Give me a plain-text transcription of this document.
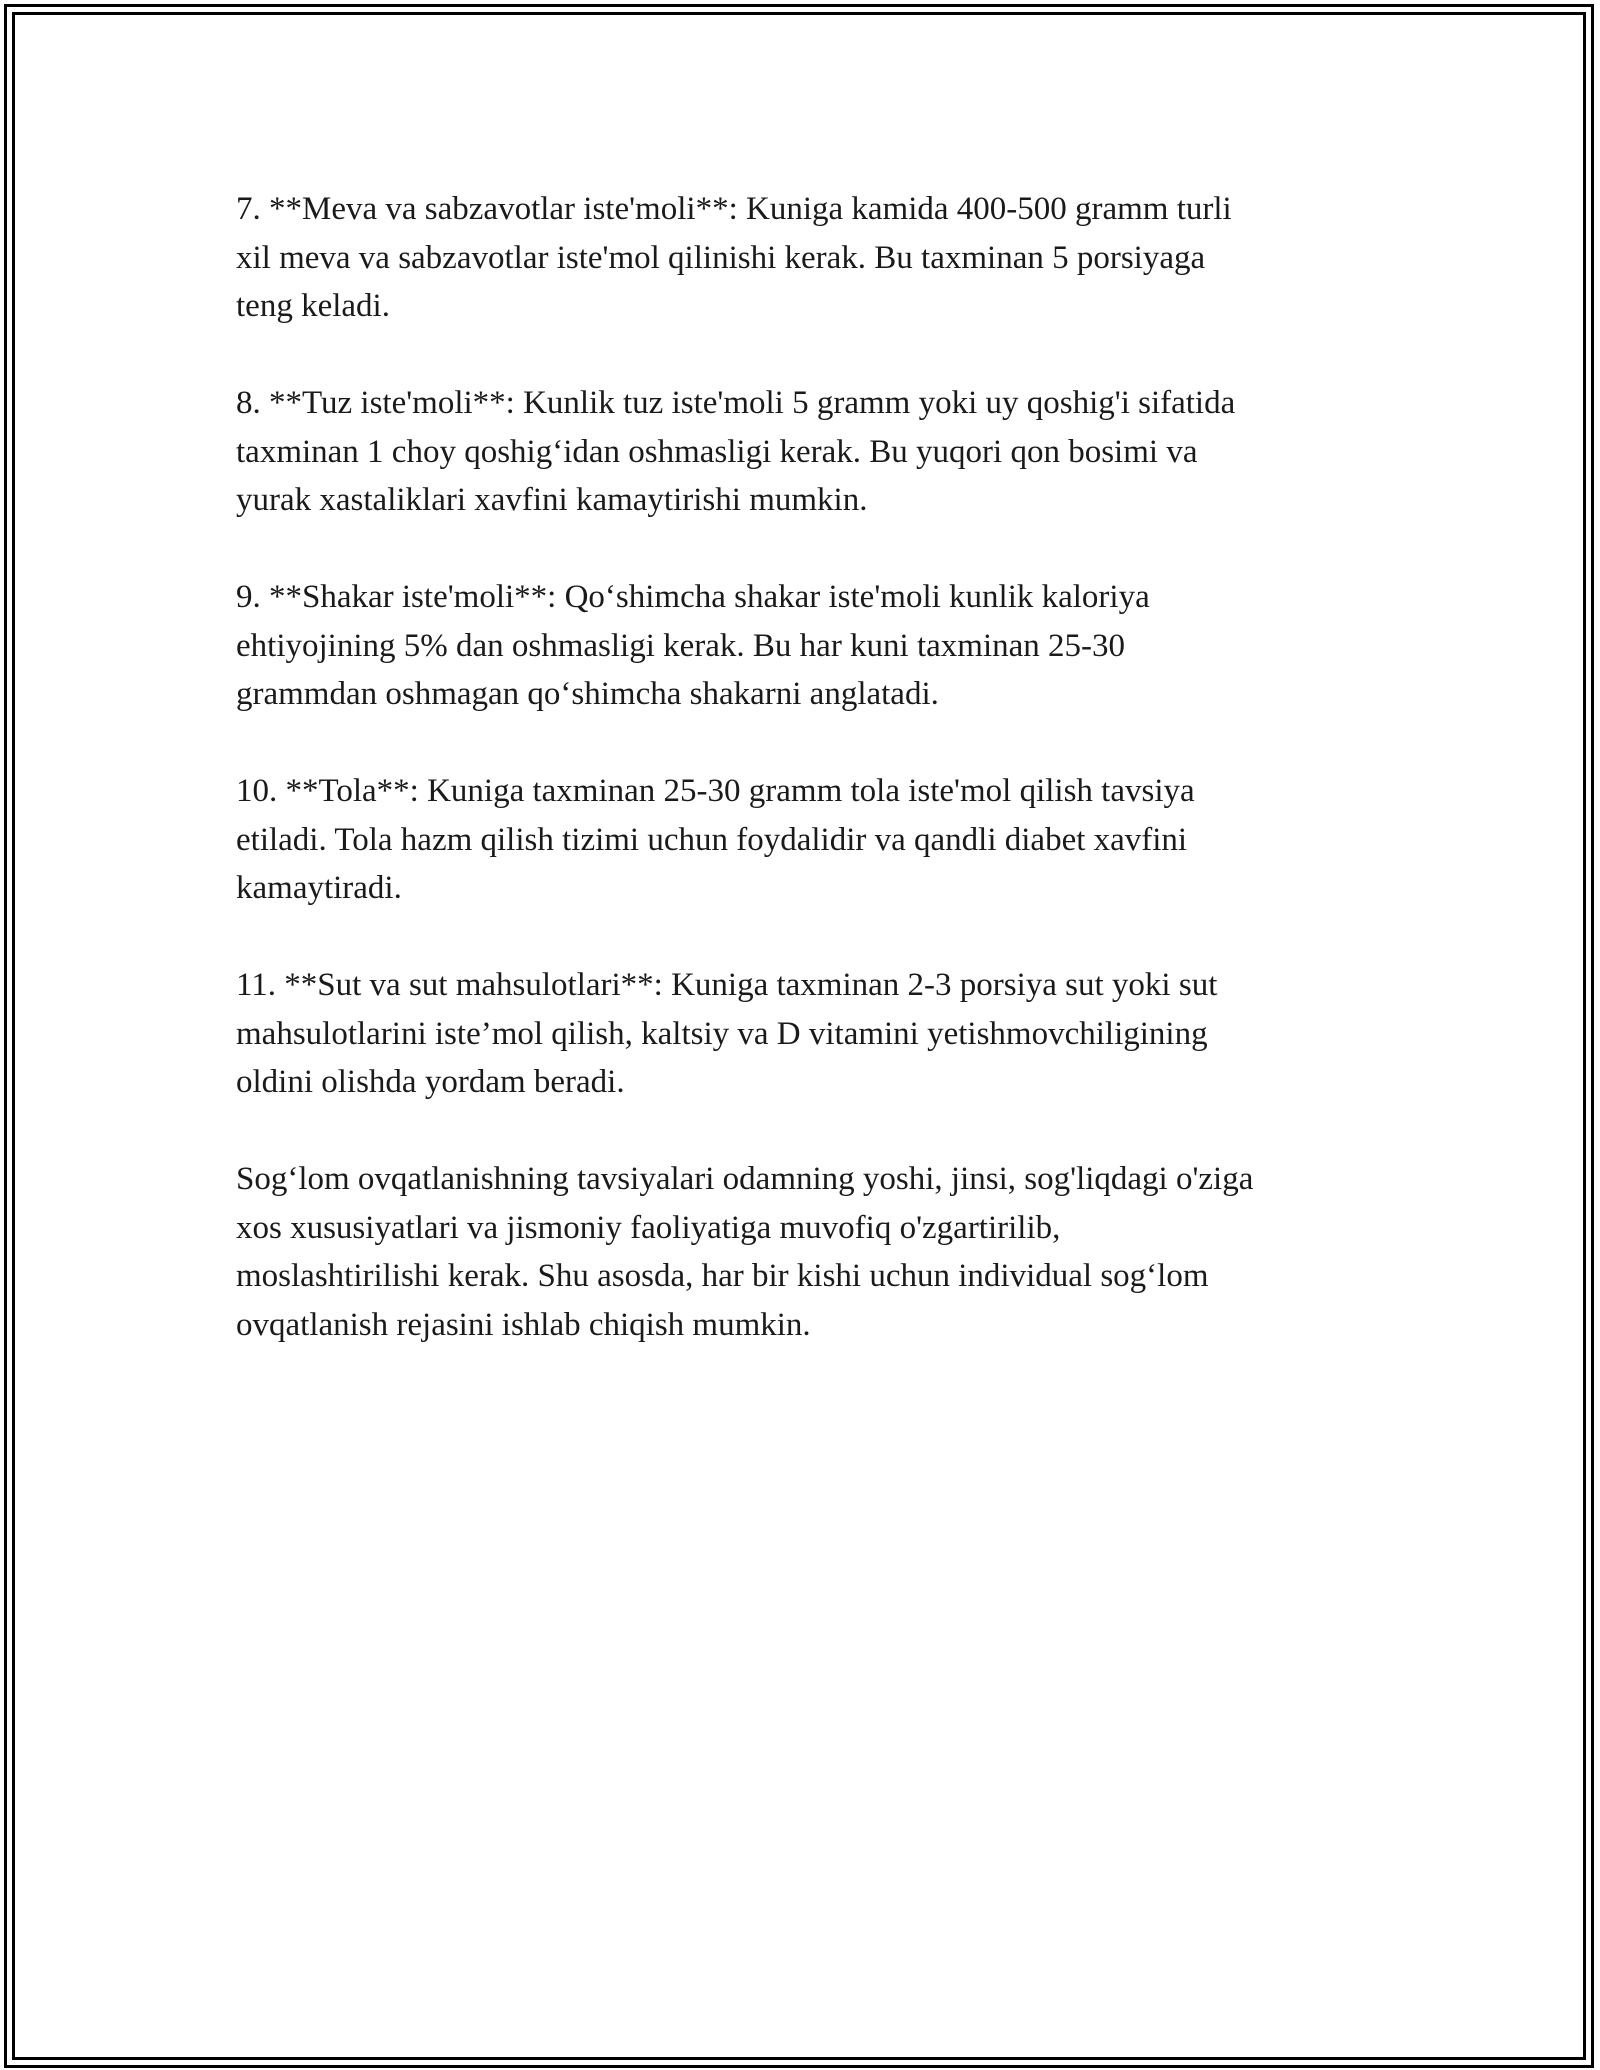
7. **Meva va sabzavotlar iste'moli**: Kuniga kamida 400-500 gramm turli
xil meva va sabzavotlar iste'mol qilinishi kerak. Bu taxminan 5 porsiyaga
teng keladi.

8. **Tuz iste'moli**: Kunlik tuz iste'moli 5 gramm yoki uy qoshig'i sifatida
taxminan 1 choy qoshig‘idan oshmasligi kerak. Bu yuqori qon bosimi va
yurak xastaliklari xavfini kamaytirishi mumkin.

9. **Shakar iste'moli**: Qo‘shimcha shakar iste'moli kunlik kaloriya
ehtiyojining 5% dan oshmasligi kerak. Bu har kuni taxminan 25-30
grammdan oshmagan qo‘shimcha shakarni anglatadi.

10. **Tola**: Kuniga taxminan 25-30 gramm tola iste'mol qilish tavsiya
etiladi. Tola hazm qilish tizimi uchun foydalidir va qandli diabet xavfini
kamaytiradi.

11. **Sut va sut mahsulotlari**: Kuniga taxminan 2-3 porsiya sut yoki sut
mahsulotlarini iste’mol qilish, kaltsiy va D vitamini yetishmovchiligining
oldini olishda yordam beradi.

Sog‘lom ovqatlanishning tavsiyalari odamning yoshi, jinsi, sog'liqdagi o'ziga
xos xususiyatlari va jismoniy faoliyatiga muvofiq o'zgartirilib,
moslashtirilishi kerak. Shu asosda, har bir kishi uchun individual sog‘lom
ovqatlanish rejasini ishlab chiqish mumkin.
